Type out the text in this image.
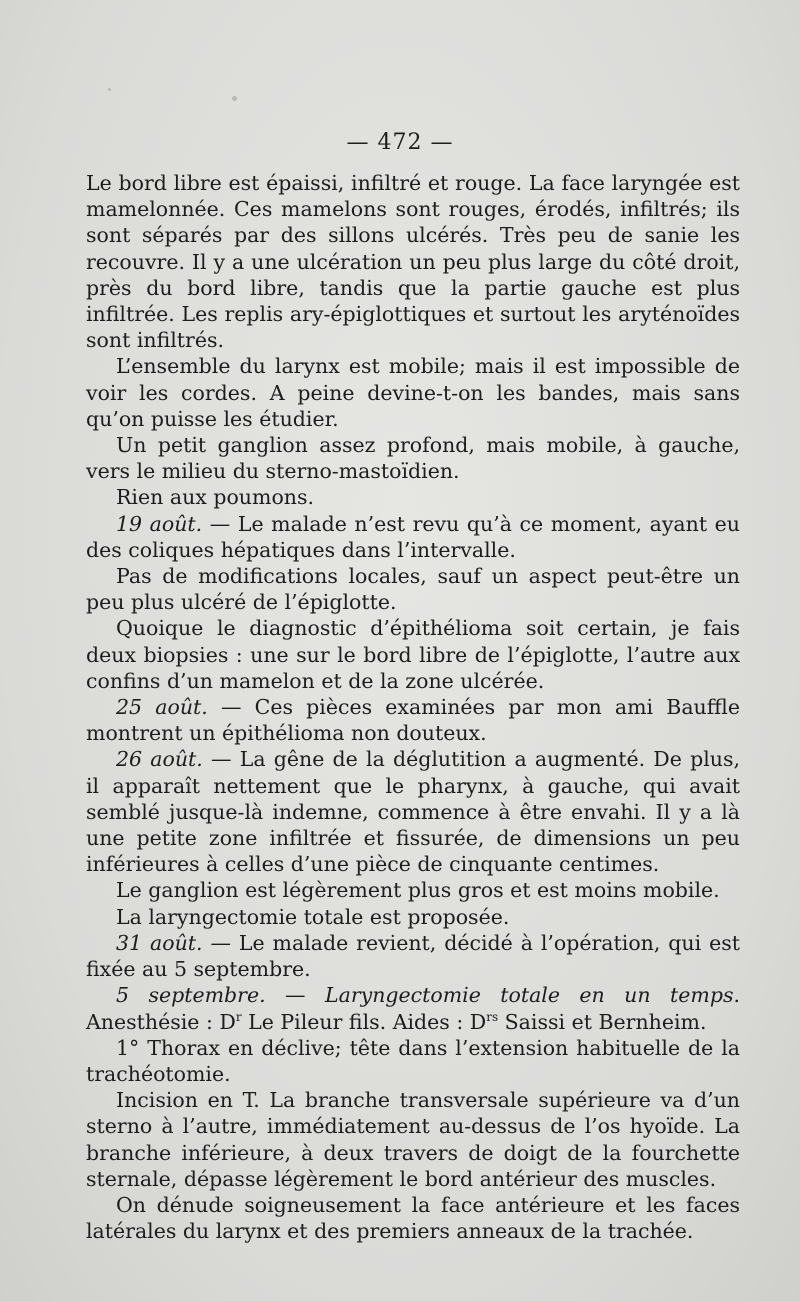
— 472 —

Le bord libre est épaissi, infiltré et rouge. La face laryngée est mamelonnée. Ces mamelons sont rouges, érodés, infiltrés; ils sont séparés par des sillons ulcérés. Très peu de sanie les recouvre. Il y a une ulcération un peu plus large du côté droit, près du bord libre, tandis que la partie gauche est plus infiltrée. Les replis ary-épiglottiques et surtout les aryténoïdes sont infiltrés.

L’ensemble du larynx est mobile; mais il est impossible de voir les cordes. A peine devine-t-on les bandes, mais sans qu’on puisse les étudier.

Un petit ganglion assez profond, mais mobile, à gauche, vers le milieu du sterno-mastoïdien.

Rien aux poumons.

19 août. — Le malade n’est revu qu’à ce moment, ayant eu des coliques hépatiques dans l’intervalle.

Pas de modifications locales, sauf un aspect peut-être un peu plus ulcéré de l’épiglotte.

Quoique le diagnostic d’épithélioma soit certain, je fais deux biopsies : une sur le bord libre de l’épiglotte, l’autre aux confins d’un mamelon et de la zone ulcérée.

25 août. — Ces pièces examinées par mon ami Bauffle montrent un épithélioma non douteux.

26 août. — La gêne de la déglutition a augmenté. De plus, il apparaît nettement que le pharynx, à gauche, qui avait semblé jusque-là indemne, commence à être envahi. Il y a là une petite zone infiltrée et fissurée, de dimensions un peu inférieures à celles d’une pièce de cinquante centimes.

Le ganglion est légèrement plus gros et est moins mobile.

La laryngectomie totale est proposée.

31 août. — Le malade revient, décidé à l’opération, qui est fixée au 5 septembre.

5 septembre. — Laryngectomie totale en un temps. Anesthésie : $D^r$ Le Pileur fils. Aides : $D^{rs}$ Saissi et Bernheim.

1° Thorax en déclive; tête dans l’extension habituelle de la trachéotomie.

Incision en T. La branche transversale supérieure va d’un sterno à l’autre, immédiatement au-dessus de l’os hyoïde. La branche inférieure, à deux travers de doigt de la fourchette sternale, dépasse légèrement le bord antérieur des muscles.

On dénude soigneusement la face antérieure et les faces latérales du larynx et des premiers anneaux de la trachée.
